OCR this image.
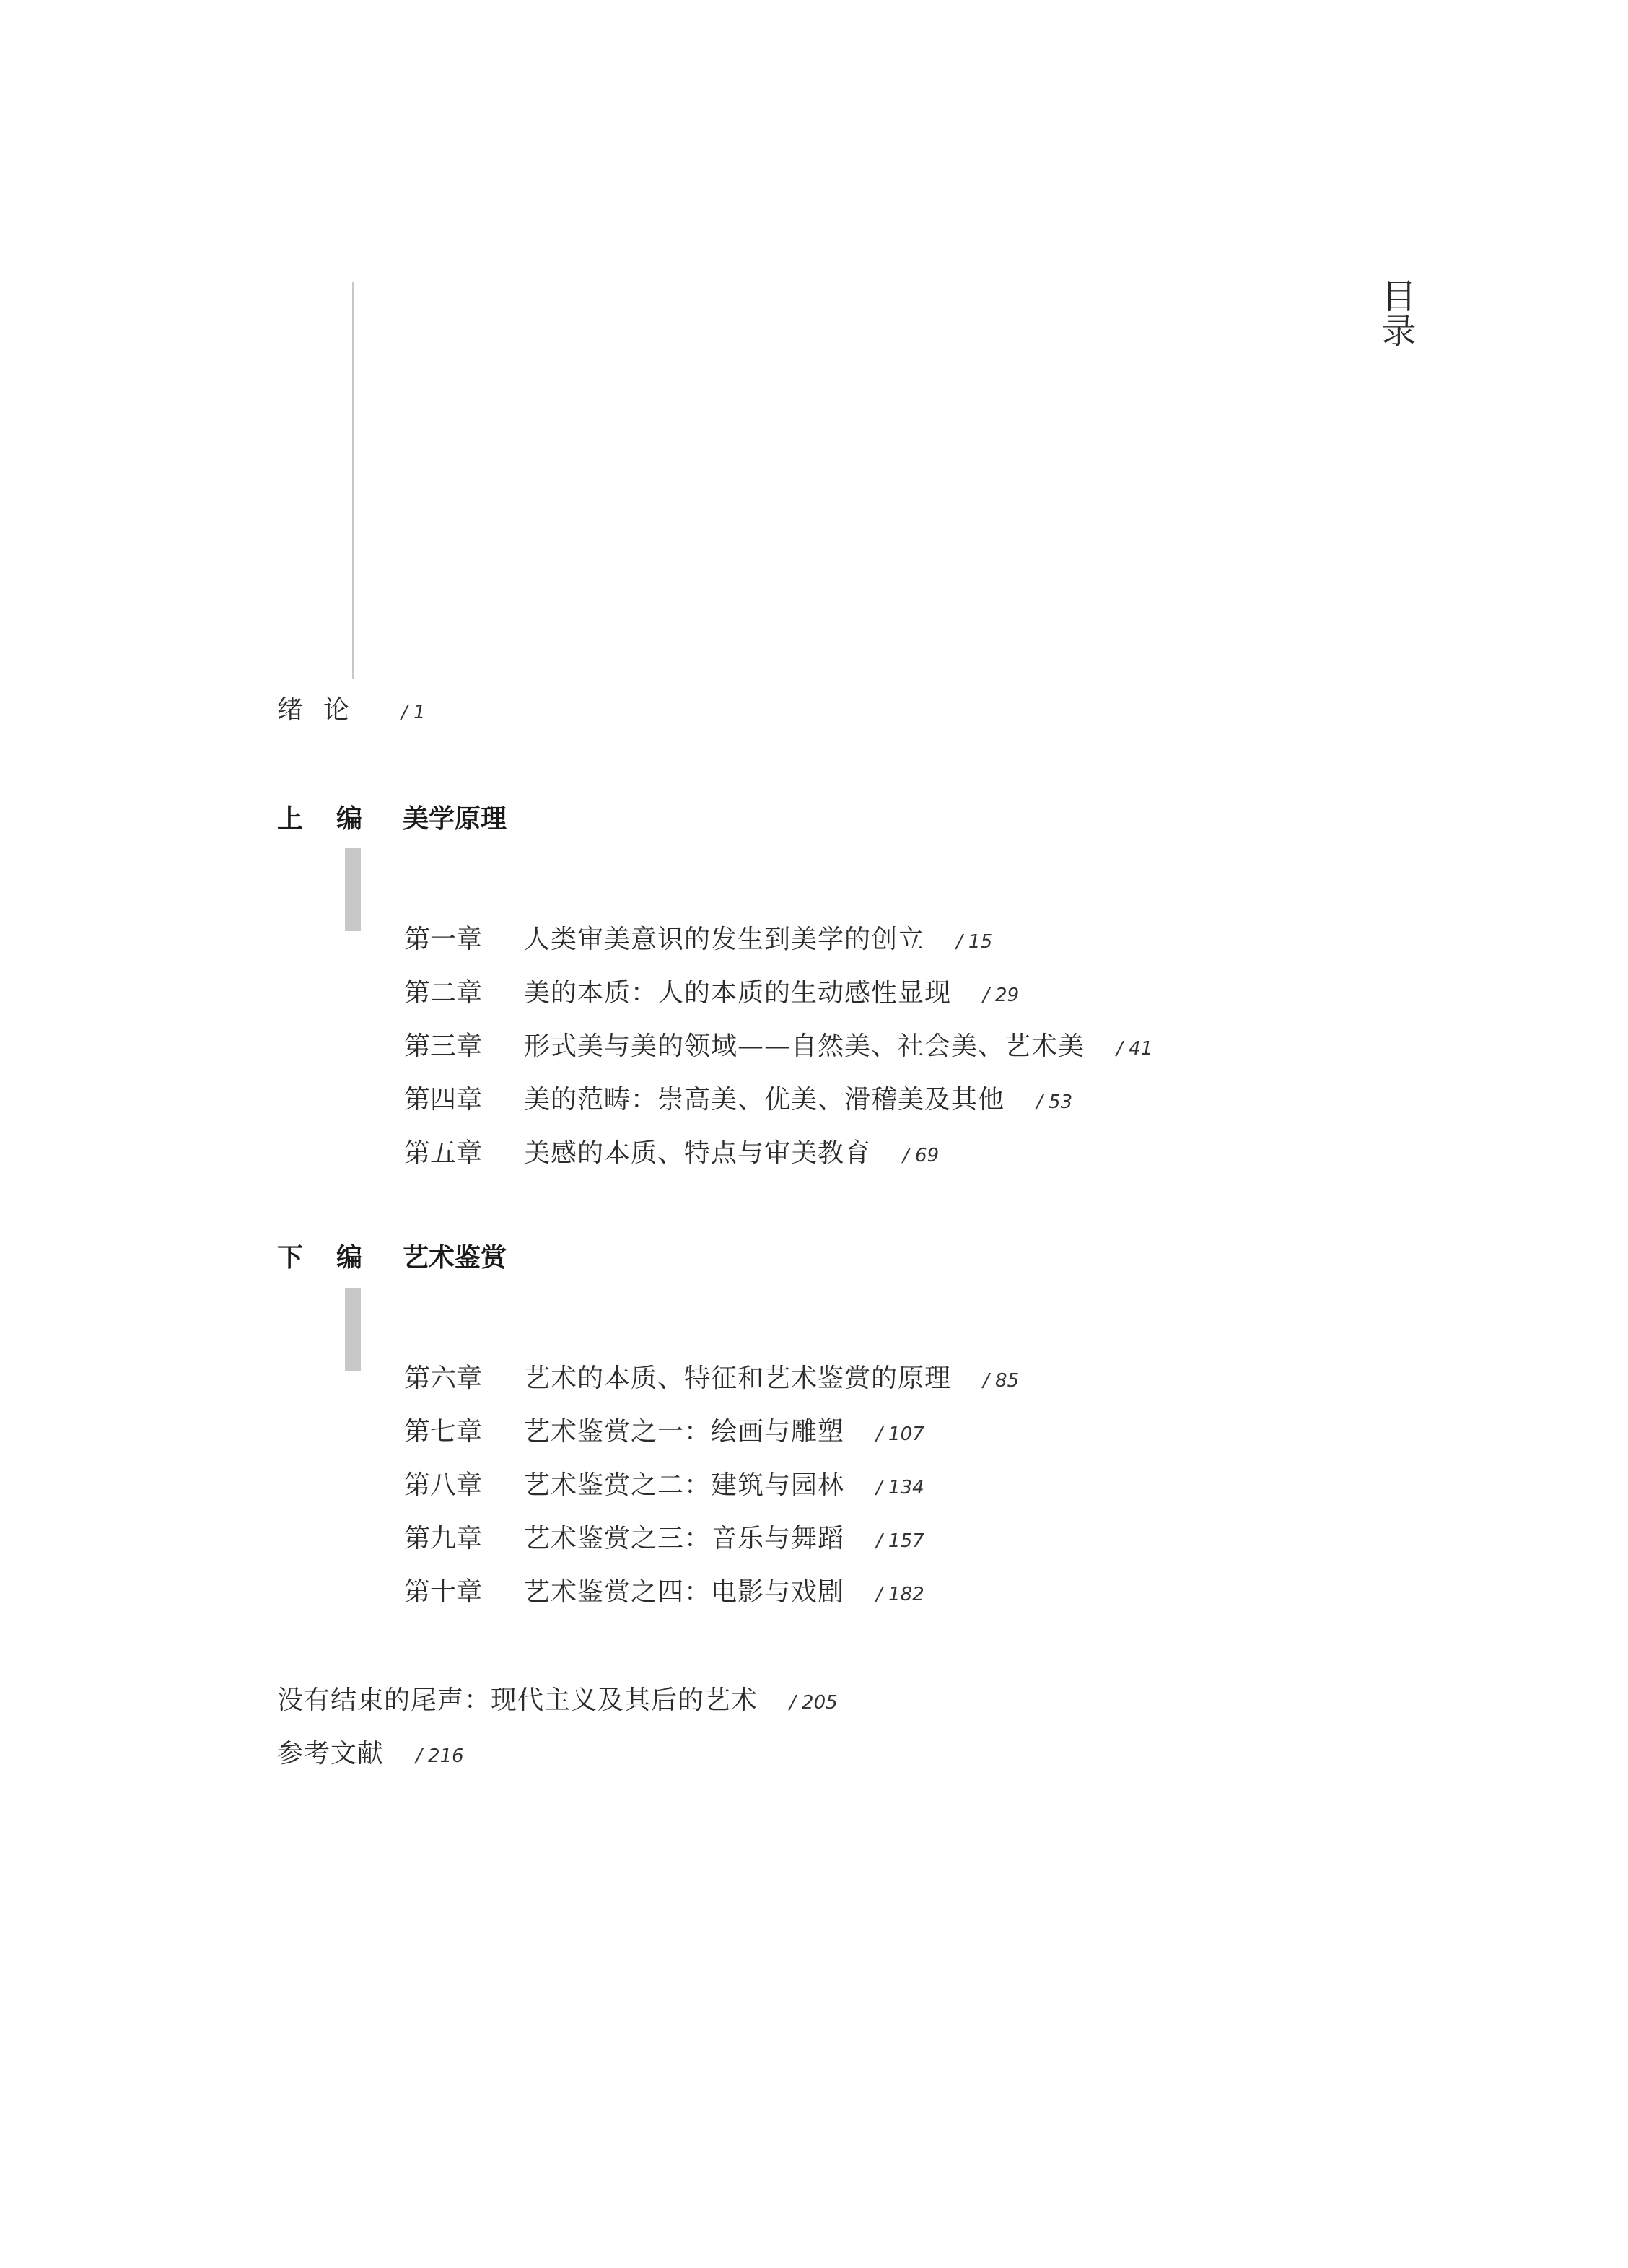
目录
绪论 / 1
上编 美学原理
第一章 人类审美意识的发生到美学的创立 / 15
第二章 美的本质：人的本质的生动感性显现 / 29
第三章 形式美与美的领域——自然美、社会美、艺术美 / 41
第四章 美的范畴：崇高美、优美、滑稽美及其他 / 53
第五章 美感的本质、特点与审美教育 / 69
下编 艺术鉴赏
第六章 艺术的本质、特征和艺术鉴赏的原理 / 85
第七章 艺术鉴赏之一：绘画与雕塑 / 107
第八章 艺术鉴赏之二：建筑与园林 / 134
第九章 艺术鉴赏之三：音乐与舞蹈 / 157
第十章 艺术鉴赏之四：电影与戏剧 / 182
没有结束的尾声：现代主义及其后的艺术 / 205
参考文献 / 216
